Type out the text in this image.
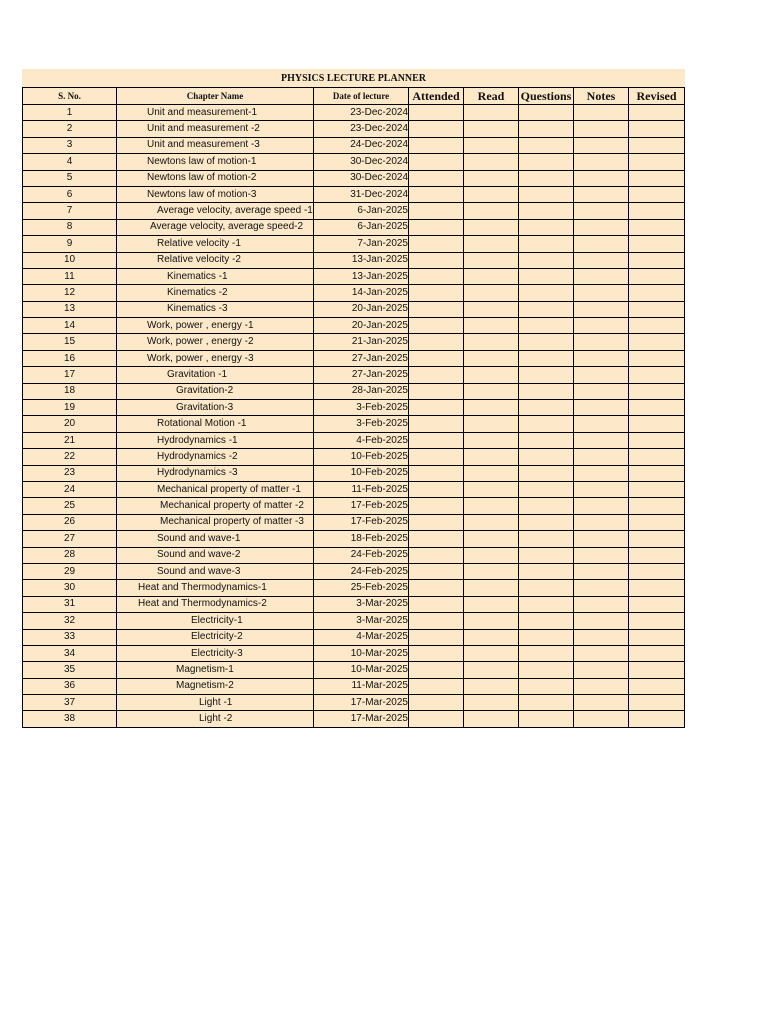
PHYSICS LECTURE PLANNER							
S. No.	Chapter Name	Date of lecture	Attended	Read	Questions	Notes	Revised
1	Unit and measurement-1	23-Dec-2024					
2	Unit and measurement -2	23-Dec-2024					
3	Unit and measurement -3	24-Dec-2024					
4	Newtons law of motion-1	30-Dec-2024					
5	Newtons law of motion-2	30-Dec-2024					
6	Newtons law of motion-3	31-Dec-2024					
7	Average velocity, average speed -1	6-Jan-2025					
8	Average velocity, average speed-2	6-Jan-2025					
9	Relative velocity -1	7-Jan-2025					
10	Relative velocity -2	13-Jan-2025					
11	Kinematics -1	13-Jan-2025					
12	Kinematics -2	14-Jan-2025					
13	Kinematics -3	20-Jan-2025					
14	Work, power , energy -1	20-Jan-2025					
15	Work, power , energy -2	21-Jan-2025					
16	Work, power , energy -3	27-Jan-2025					
17	Gravitation -1	27-Jan-2025					
18	Gravitation-2	28-Jan-2025					
19	Gravitation-3	3-Feb-2025					
20	Rotational Motion -1	3-Feb-2025					
21	Hydrodynamics -1	4-Feb-2025					
22	Hydrodynamics -2	10-Feb-2025					
23	Hydrodynamics -3	10-Feb-2025					
24	Mechanical property of matter -1	11-Feb-2025					
25	Mechanical property of matter -2	17-Feb-2025					
26	Mechanical property of matter -3	17-Feb-2025					
27	Sound and wave-1	18-Feb-2025					
28	Sound and wave-2	24-Feb-2025					
29	Sound and wave-3	24-Feb-2025					
30	Heat and Thermodynamics-1	25-Feb-2025					
31	Heat and Thermodynamics-2	3-Mar-2025					
32	Electricity-1	3-Mar-2025					
33	Electricity-2	4-Mar-2025					
34	Electricity-3	10-Mar-2025					
35	Magnetism-1	10-Mar-2025					
36	Magnetism-2	11-Mar-2025					
37	Light -1	17-Mar-2025					
38	Light -2	17-Mar-2025					
